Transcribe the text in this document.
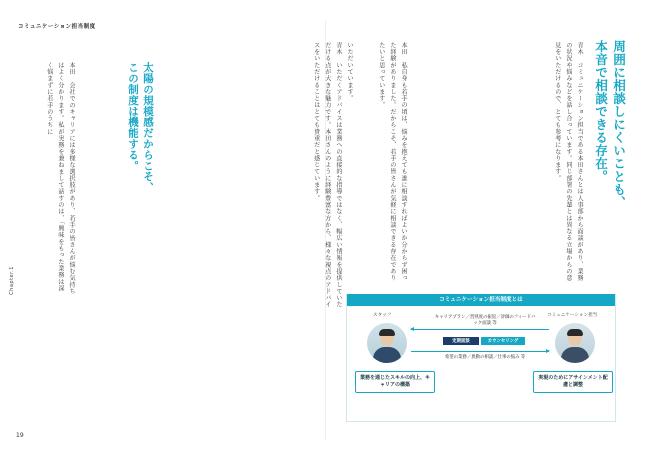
コミュニケーション担当制度
Chapter.1
19
太陽の規模感だからこそ、
この制度は機能する。
本田　会社でのキャリアには多様な選択肢があり、若手の皆さんが悩む気持ちはよく分かります。私が実務を兼ねまして話すのは、「興味をもった業務は深く悩まずに若手のうちに	いただいています。
青木　いただくアドバイスは業務への直接的な指導ではなく、幅広い情報を提供していただける点が大きな魅力です。本田さんのように経験豊富な方から、様々な視点のアドバイスをいただけることはとても貴重だと感じています。	周囲に相談しにくいことも、
本音で相談できる存在。
青木　コミュニケーション担当である本田さんとは人事部から面談があり、業務の状況や悩みなどを話し合っています。同じ部署の先輩とは異なる立場からの意見をいただけるので、とても参考になります。
本田　私自身も若手の頃は、悩みを抱えても誰に相談すればよいか分からず困った経験がありました。だからこそ、若手の皆さんが気軽に相談できる存在でありたいと思っています。
コミュニケーション担当制度とは
スタッフ	コミュニケーション担当
キャリアプラン／習熟度の振返／評価のフィードバック面談 等
定期面談	カウンセリング
希望の業務／異動の相談／仕事の悩み 等
業務を通じたスキルの向上、キャリアの構築
実現のためにアサインメント配慮と調整
